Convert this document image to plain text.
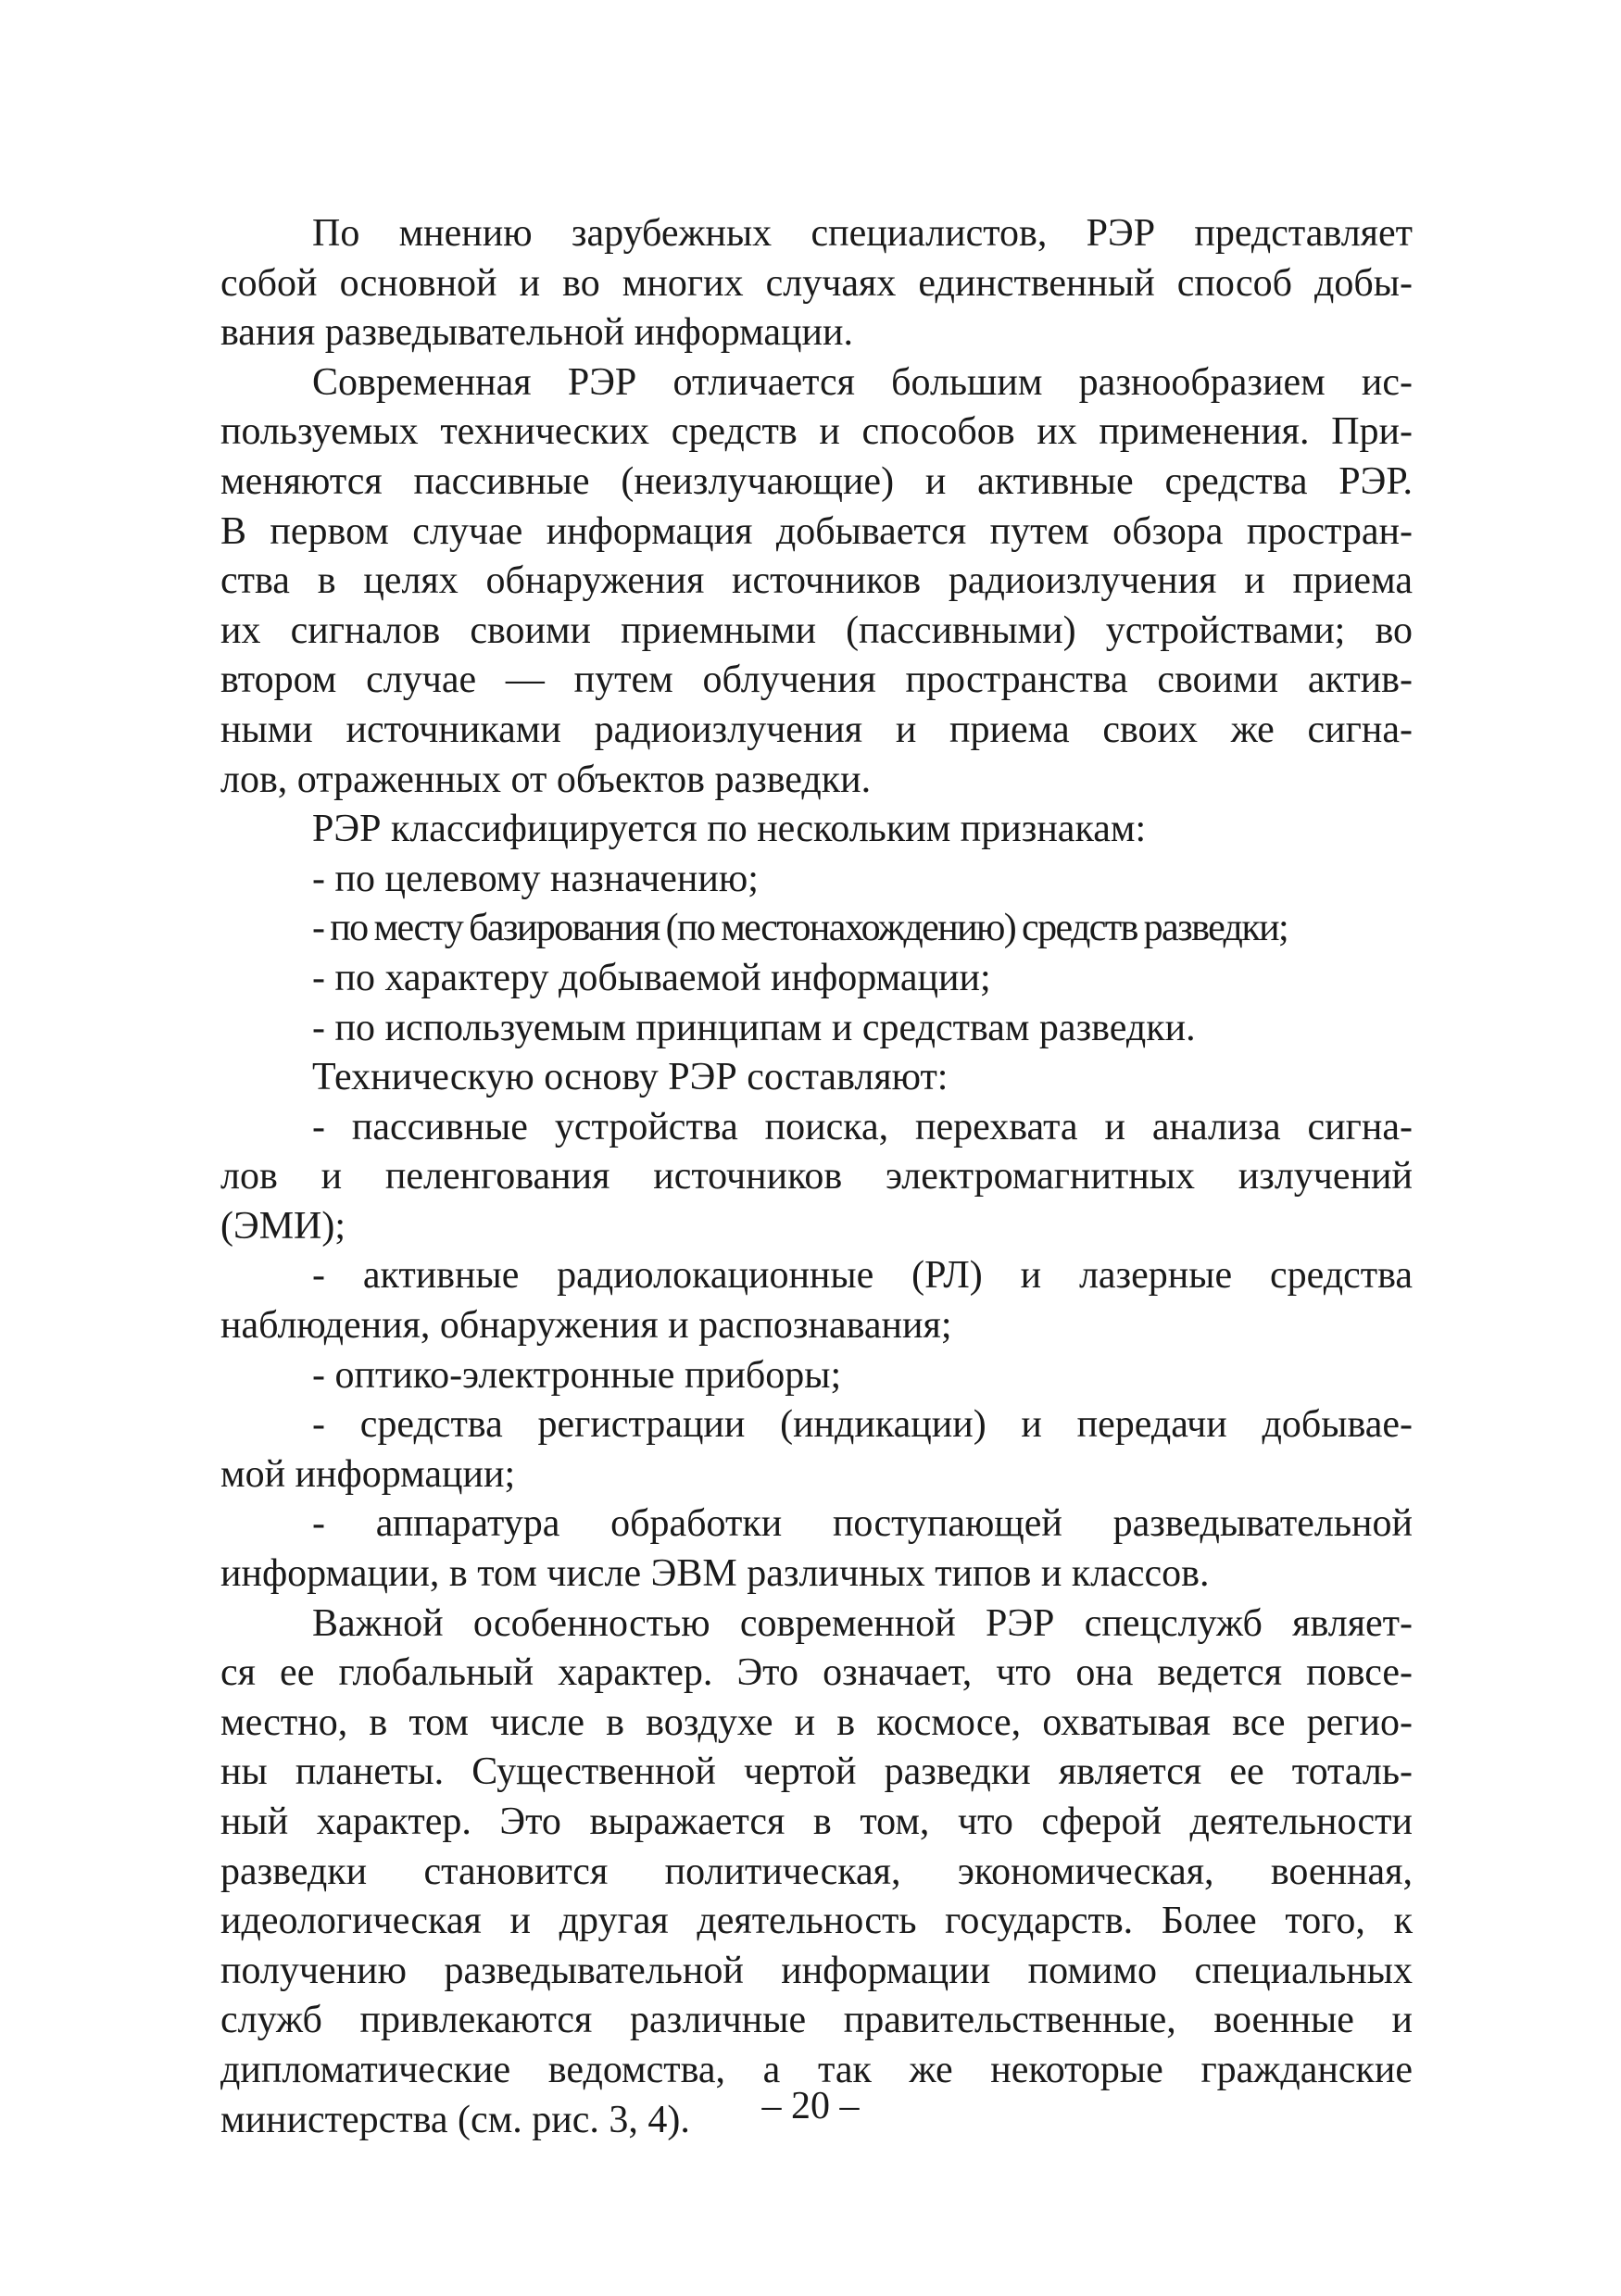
По мнению зарубежных специалистов, РЭР представляет
собой основной и во многих случаях единственный способ добы-
вания разведывательной информации.

Современная РЭР отличается большим разнообразием ис-
пользуемых технических средств и способов их применения. При-
меняются пассивные (неизлучающие) и активные средства РЭР.
В первом случае информация добывается путем обзора простран-
ства в целях обнаружения источников радиоизлучения и приема
их сигналов своими приемными (пассивными) устройствами; во
втором случае — путем облучения пространства своими актив-
ными источниками радиоизлучения и приема своих же сигна-
лов, отраженных от объектов разведки.

РЭР классифицируется по нескольким признакам:

- по целевому назначению;

- по месту базирования (по местонахождению) средств разведки;

- по характеру добываемой информации;

- по используемым принципам и средствам разведки.

Техническую основу РЭР составляют:

- пассивные устройства поиска, перехвата и анализа сигна-
лов и пеленгования источников электромагнитных излучений
(ЭМИ);

- активные радиолокационные (РЛ) и лазерные средства
наблюдения, обнаружения и распознавания;

- оптико-электронные приборы;

- средства регистрации (индикации) и передачи добывае-
мой информации;

- аппаратура обработки поступающей разведывательной
информации, в том числе ЭВМ различных типов и классов.

Важной особенностью современной РЭР спецслужб являет-
ся ее глобальный характер. Это означает, что она ведется повсе-
местно, в том числе в воздухе и в космосе, охватывая все регио-
ны планеты. Существенной чертой разведки является ее тоталь-
ный характер. Это выражается в том, что сферой деятельности
разведки становится политическая, экономическая, военная,
идеологическая и другая деятельность государств. Более того, к
получению разведывательной информации помимо специальных
служб привлекаются различные правительственные, военные и
дипломатические ведомства, а так же некоторые гражданские
министерства (см. рис. 3, 4).	– 20 –
